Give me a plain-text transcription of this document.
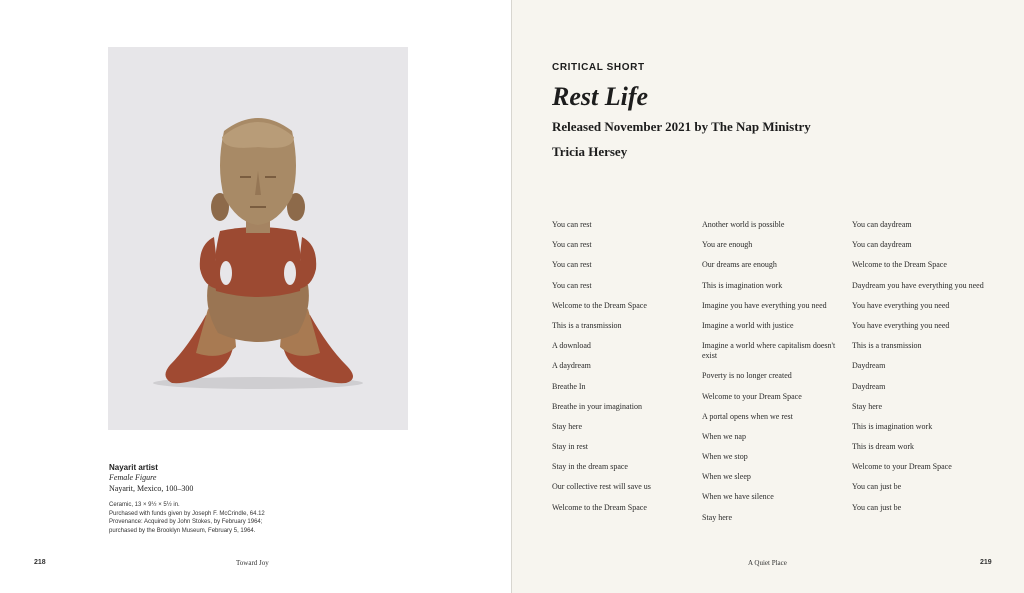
Nayarit artist
Female Figure
Nayarit, Mexico, 100–300
Ceramic, 13 × 9½ × 5½ in.
Purchased with funds given by Joseph F. McCrindle, 64.12
Provenance: Acquired by John Stokes, by February 1964;
purchased by the Brooklyn Museum, February 5, 1964.
218	Toward Joy
CRITICAL SHORT
Rest Life
Released November 2021 by The Nap Ministry
Tricia Hersey
You can rest
You can rest
You can rest
You can rest
Welcome to the Dream Space
This is a transmission
A download
A daydream
Breathe In
Breathe in your imagination
Stay here
Stay in rest
Stay in the dream space
Our collective rest will save us
Welcome to the Dream Space
Another world is possible
You are enough
Our dreams are enough
This is imagination work
Imagine you have everything you need
Imagine a world with justice
Imagine a world where capitalism doesn't exist
Poverty is no longer created
Welcome to your Dream Space
A portal opens when we rest
When we nap
When we stop
When we sleep
When we have silence
Stay here
You can daydream
You can daydream
Welcome to the Dream Space
Daydream you have everything you need
You have everything you need
You have everything you need
This is a transmission
Daydream
Daydream
Stay here
This is imagination work
This is dream work
Welcome to your Dream Space
You can just be
You can just be
A Quiet Place	219
